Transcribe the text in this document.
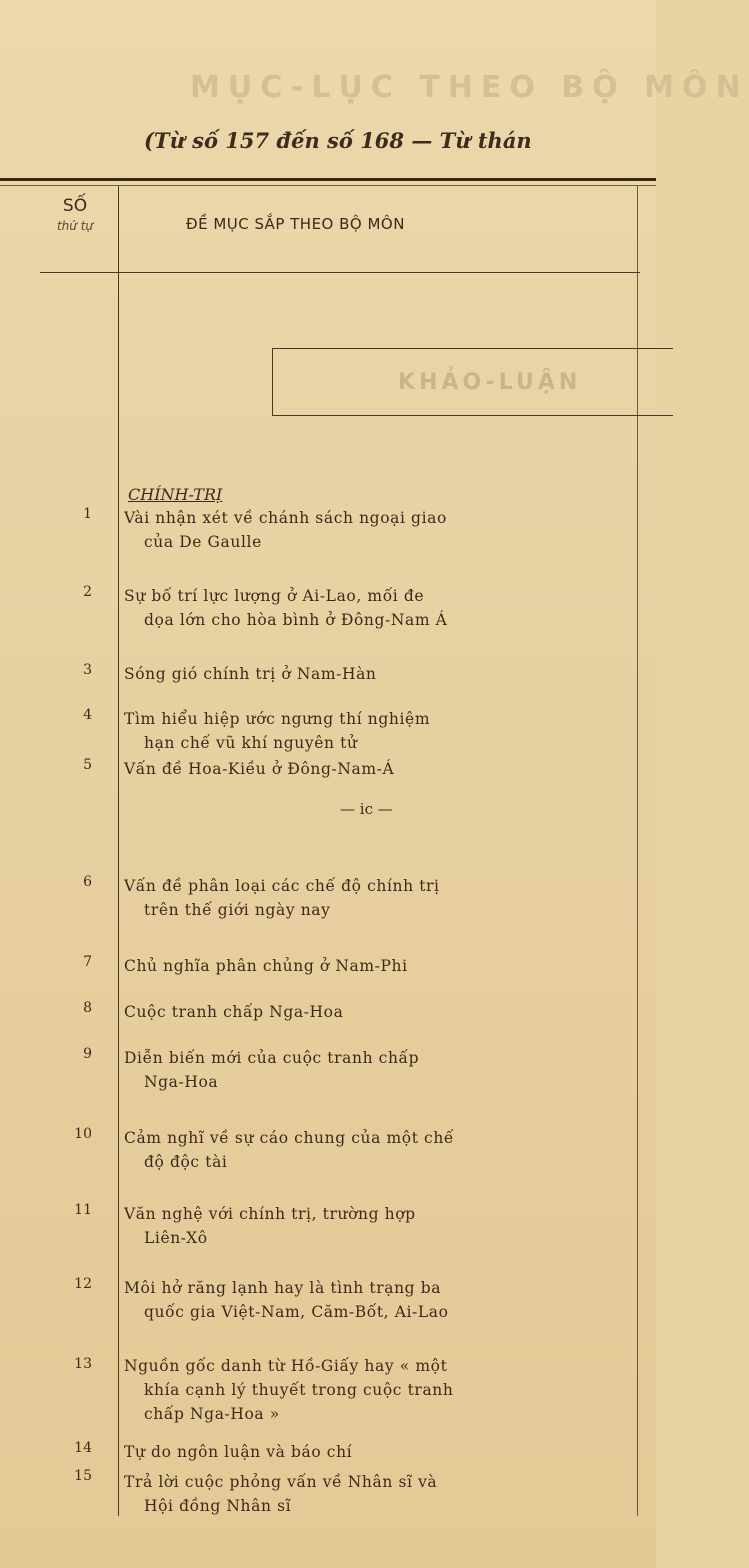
MỤC-LỤC THEO BỘ MÔN
(Từ số 157 đến số 168 — Từ thán
SỐ
thứ tự	ĐỀ MỤC SẮP THEO BỘ MÔN
KHẢO-LUẬN
CHÍNH-TRỊ
1 Vài nhận xét về chánh sách ngoại giao
của De Gaulle
2 Sự bố trí lực lượng ở Ai-Lao, mối đe
dọa lớn cho hòa bình ở Đông-Nam Á
3 Sóng gió chính trị ở Nam-Hàn
4 Tìm hiểu hiệp ước ngưng thí nghiệm
hạn chế vũ khí nguyên tử
5 Vấn đề Hoa-Kiều ở Đông-Nam-Á
— ic —
6 Vấn đề phân loại các chế độ chính trị
trên thế giới ngày nay
7 Chủ nghĩa phân chủng ở Nam-Phi
8 Cuộc tranh chấp Nga-Hoa
9 Diễn biến mới của cuộc tranh chấp
Nga-Hoa
10 Cảm nghĩ về sự cáo chung của một chế
độ độc tài
11 Văn nghệ với chính trị, trường hợp
Liên-Xô
12 Môi hở răng lạnh hay là tình trạng ba
quốc gia Việt-Nam, Căm-Bốt, Ai-Lao
13 Nguồn gốc danh từ Hồ-Giấy hay « một
khía cạnh lý thuyết trong cuộc tranh
chấp Nga-Hoa »
14 Tự do ngôn luận và báo chí
15 Trả lời cuộc phỏng vấn về Nhân sĩ và
Hội đồng Nhân sĩ
